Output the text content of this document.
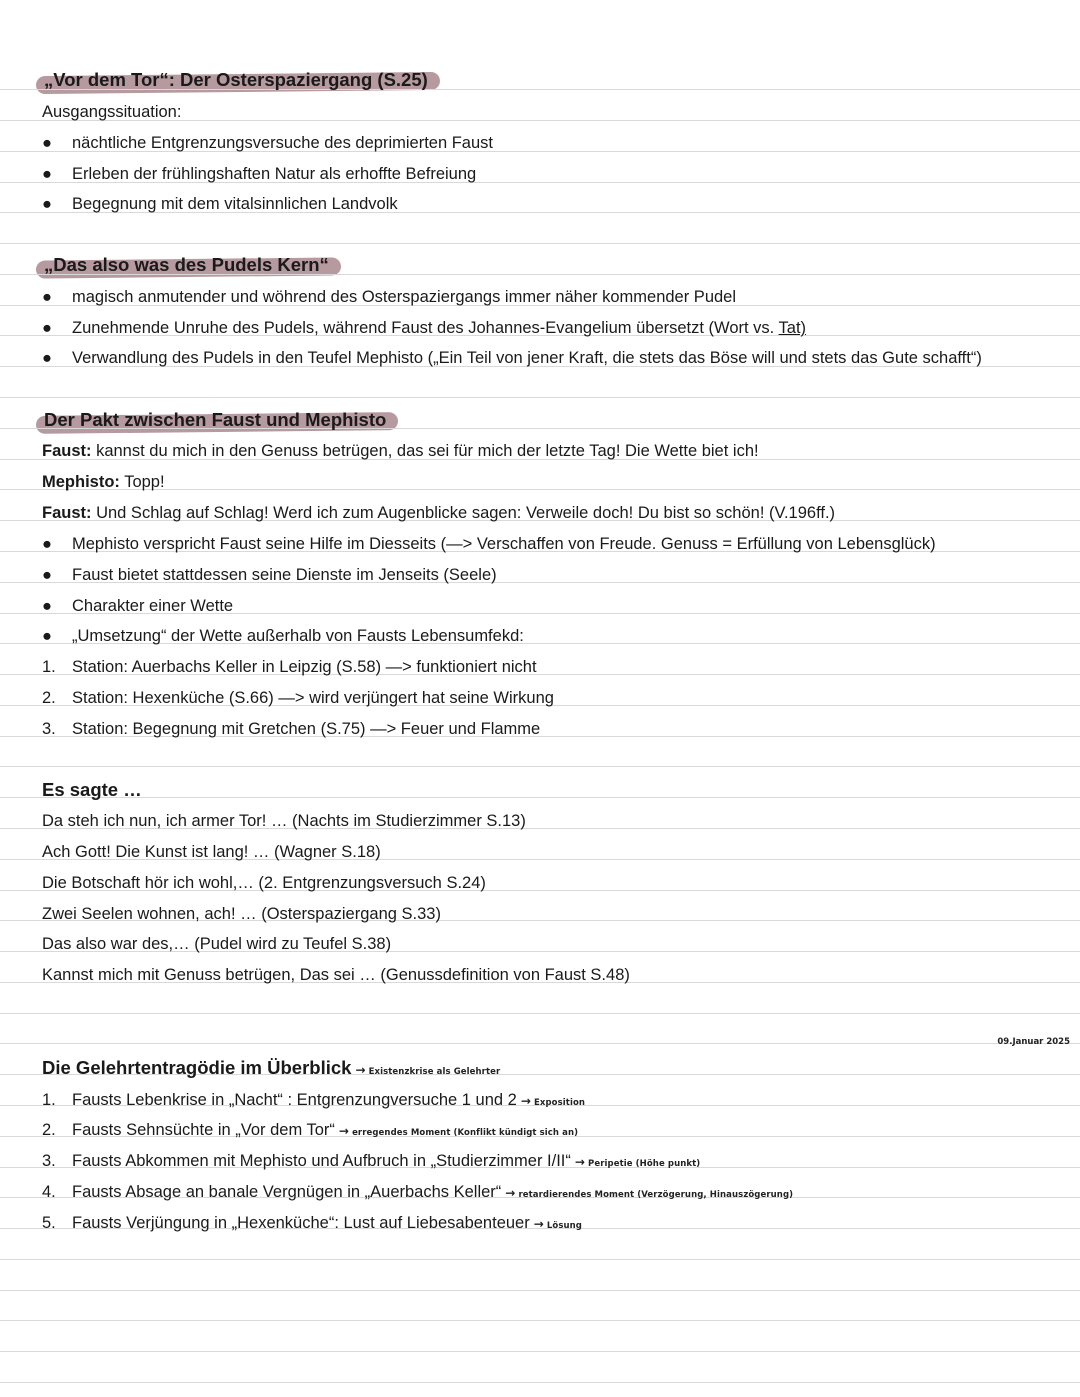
„Vor dem Tor“: Der Osterspaziergang (S.25)
Ausgangssituation:
● nächtliche Entgrenzungsversuche des deprimierten Faust
● Erleben der frühlingshaften Natur als erhoffte Befreiung
● Begegnung mit dem vitalsinnlichen Landvolk
„Das also was des Pudels Kern“
● magisch anmutender und wöhrend des Osterspaziergangs immer näher kommender Pudel
● Zunehmende Unruhe des Pudels, während Faust des Johannes-Evangelium übersetzt (Wort vs. Tat)
● Verwandlung des Pudels in den Teufel Mephisto („Ein Teil von jener Kraft, die stets das Böse will und stets das Gute schafft“)
Der Pakt zwischen Faust und Mephisto
Faust: kannst du mich in den Genuss betrügen, das sei für mich der letzte Tag! Die Wette biet ich!
Mephisto: Topp!
Faust: Und Schlag auf Schlag! Werd ich zum Augenblicke sagen: Verweile doch! Du bist so schön! (V.196ff.)
● Mephisto verspricht Faust seine Hilfe im Diesseits (—> Verschaffen von Freude. Genuss = Erfüllung von Lebensglück)
● Faust bietet stattdessen seine Dienste im Jenseits (Seele)
● Charakter einer Wette
● „Umsetzung“ der Wette außerhalb von Fausts Lebensumfekd:
1. Station: Auerbachs Keller in Leipzig (S.58) —> funktioniert nicht
2. Station: Hexenküche (S.66) —> wird verjüngert hat seine Wirkung
3. Station: Begegnung mit Gretchen (S.75) —> Feuer und Flamme
Es sagte …
Da steh ich nun, ich armer Tor! … (Nachts im Studierzimmer S.13)
Ach Gott! Die Kunst ist lang! … (Wagner S.18)
Die Botschaft hör ich wohl,… (2. Entgrenzungsversuch S.24)
Zwei Seelen wohnen, ach! … (Osterspaziergang S.33)
Das also war des,… (Pudel wird zu Teufel S.38)
Kannst mich mit Genuss betrügen, Das sei … (Genussdefinition von Faust S.48)
09.Januar 2025
Die Gelehrtentragödie im Überblick → Existenzkrise als Gelehrter
1. Fausts Lebenkrise in „Nacht“ : Entgrenzungversuche 1 und 2 → Exposition
2. Fausts Sehnsüchte in „Vor dem Tor“ → erregendes Moment (Konflikt kündigt sich an)
3. Fausts Abkommen mit Mephisto und Aufbruch in „Studierzimmer I/II“ → Peripetie (Höhe punkt)
4. Fausts Absage an banale Vergnügen in „Auerbachs Keller“ → retardierendes Moment (Verzögerung, Hinauszögerung)
5. Fausts Verjüngung in „Hexenküche“: Lust auf Liebesabenteuer → Lösung
